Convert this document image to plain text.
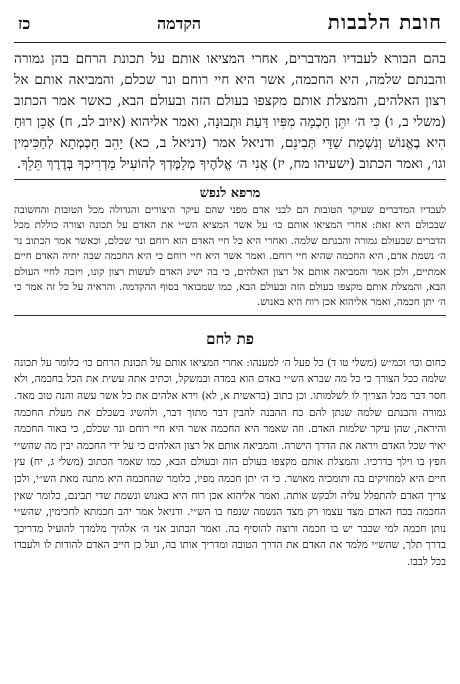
חובת הלבבות
הקדמה
כז

בהם הבורא לעבדיו המדברים, אחרי המציאו אותם על תכונת הרחם בהן גמורה והבנתם שלמה, היא החכמה, אשר היא חיי רוחם ונר שכלם, והמביאה אותם אל רצון האלהים, והמצלת אותם מקצפו בעולם הזה ובעולם הבא, כאשר אמר הכתוב (משלי ב, ו) כִּי ה׳ יִתֵּן חָכְמָה מִפִּיו דַּעַת וּתְבוּנָה, ואמר אליהוא (איוב לב, ח) אָכֵן רוּחַ הִיא בֶאֱנוֹשׁ וְנִשְׁמַת שַׁדַּי תְּבִינֵם, ודניאל אמר (דניאל ב, כא) יָהֵב חָכְמְתָא לְחַכִּימִין וגו׳, ואמר הכתוב (ישעיהו מח, יז) אֲנִי ה׳ אֱלֹהֶיךָ מְלַמֶּדְךָ לְהוֹעִיל מַדְרִיכְךָ בְּדֶרֶךְ תֵּלֵךְ.

מרפא לנפש

לעבדיו המדברים שעיקר הטובות הם לבני אדם מפני שהם עיקר היצורים והגדולה מכל הטובות והחשובה שבכולם היא זאת: אחרי המציאו אותם כו׳ על אשר המציא הש״י את האדם על תכונה וצורה כוללת מכל הדברים שבעולם גמורה והבנתם שלמה. ואחרי היא כל חיי האדם הוא רוחם ונר שכלם, וכאשר אמר הכתוב נר ה׳ נשמת אדם, היא החכמה שהיא חיי רוחם. ואמר אשר היא חיי רוחם כי היא החכמה שבה יחיה האדם חיים אמתיים, ולכן אמר והמביאה אותם אל רצון האלהים, כי בה ישיג האדם לעשות רצון קונו, ויזכה לחיי העולם הבא, והמצלת אותם מקצפו בעולם הזה ובעולם הבא, כמו שמבואר בסוף ההקדמה. והראיה על כל זה אמר כי ה׳ יתן חכמה, ואמר אליהוא אכן רוח היא באנוש.

פת לחם

כחום וכו׳ וכמ״ש (משלי טו ד) כל פעל ה׳ למענהו: אחרי המציאו אותם על תכונת הרחם כו׳ כלומר על תכונה שלמה ככל הצורך כי כל מה שברא הש״י באדם הוא במדה ובמשקל, וכתיב אתה עשית את הכל בחכמה, ולא חסר דבר מכל הצריך לו לשלמותו. וכן כתוב (בראשית א, לא) וירא אלהים את כל אשר עשה והנה טוב מאד. גמורה והבנתם שלמה שנתן להם כח ההבנה להבין דבר מתוך דבר, ולהשיג בשכלם את מעלת החכמה והיראה, שהן עיקר שלמות האדם. וזה שאמר היא החכמה אשר היא חיי רוחם ונר שכלם, כי באור החכמה יאיר שכל האדם ויראה את הדרך הישרה. והמביאה אותם אל רצון האלהים כי על ידי החכמה יבין מה שהש״י חפץ בו וילך בדרכיו. והמצלת אותם מקצפו בעולם הזה ובעולם הבא, כמו שאמר הכתוב (משלי ג, יח) עץ חיים היא למחזיקים בה ותומכיה מאושר. כי ה׳ יתן חכמה מפיו, כלומר שהחכמה היא מתנה מאת הש״י, ולכן צריך האדם להתפלל עליה ולבקש אותה. ואמר אליהוא אכן רוח היא באנוש ונשמת שדי תבינם, כלומר שאין החכמה בכח האדם מצד עצמו רק מצד הנשמה שנפח בו הש״י. ודניאל אמר יהב חכמתא לחכימין, שהש״י נותן חכמה למי שכבר יש בו חכמה ורוצה להוסיף בה. ואמר הכתוב אני ה׳ אלהיך מלמדך להועיל מדריכך בדרך תלך, שהש״י מלמד את האדם את הדרך הטובה ומדריך אותו בה, ועל כן חייב האדם להודות לו ולעבדו בכל לבבו.
